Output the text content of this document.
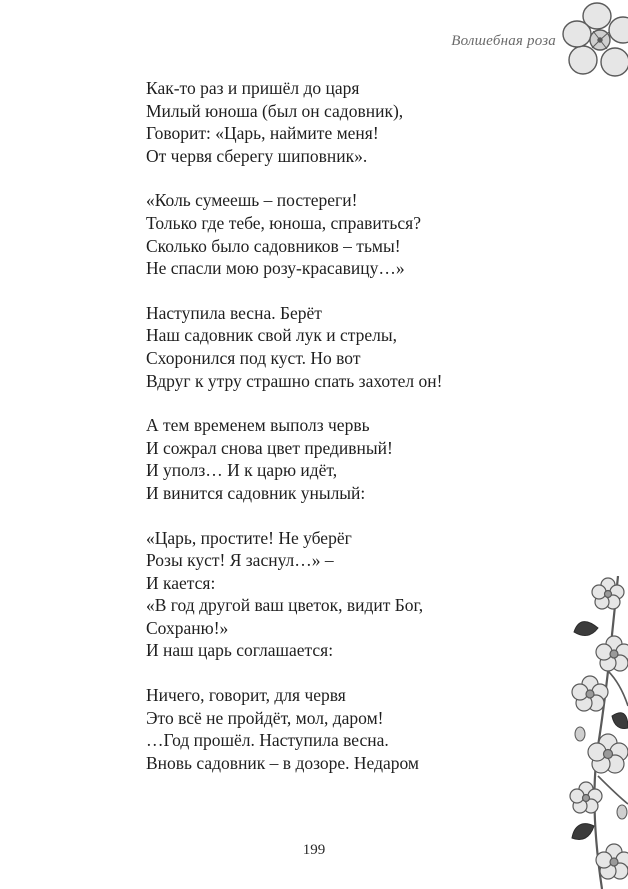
Волшебная роза
Как-то раз и пришёл до царя
Милый юноша (был он садовник),
Говорит: «Царь, наймите меня!
От червя сберегу шиповник».
«Коль сумеешь – постереги!
Только где тебе, юноша, справиться?
Сколько было садовников – тьмы!
Не спасли мою розу-красавицу…»
Наступила весна. Берёт
Наш садовник свой лук и стрелы,
Схоронился под куст. Но вот
Вдруг к утру страшно спать захотел он!
А тем временем выполз червь
И сожрал снова цвет предивный!
И уполз… И к царю идёт,
И винится садовник унылый:
«Царь, простите! Не уберёг
Розы куст! Я заснул…» –
И кается:
«В год другой ваш цветок, видит Бог,
Сохраню!»
И наш царь соглашается:
Ничего, говорит, для червя
Это всё не пройдёт, мол, даром!
…Год прошёл. Наступила весна.
Вновь садовник – в дозоре. Недаром
199
